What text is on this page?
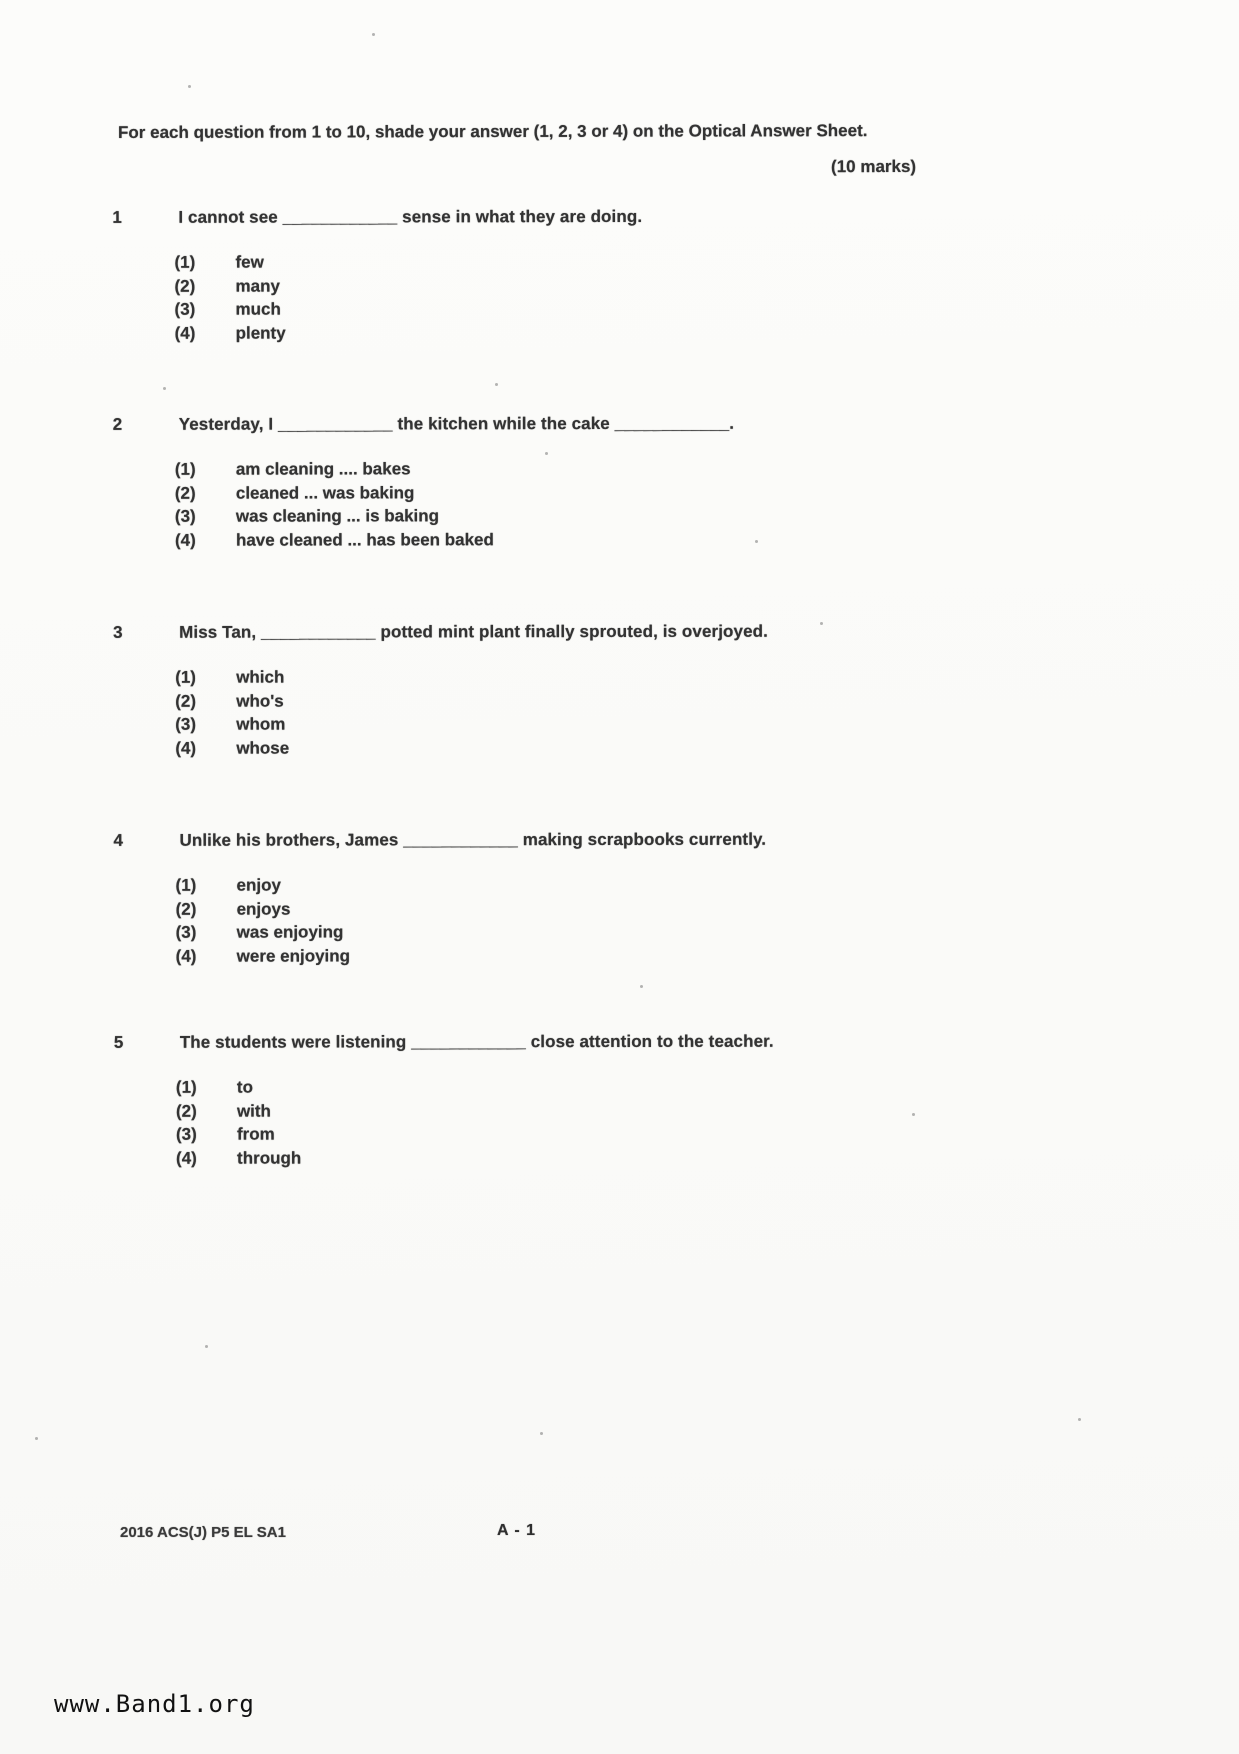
For each question from 1 to 10, shade your answer (1, 2, 3 or 4) on the Optical Answer Sheet.
(10 marks)
1	I cannot see ____________ sense in what they are doing.
(1)	few
(2)	many
(3)	much
(4)	plenty
2	Yesterday, I ____________ the kitchen while the cake ____________.
(1)	am cleaning .... bakes
(2)	cleaned ... was baking
(3)	was cleaning ... is baking
(4)	have cleaned ... has been baked
3	Miss Tan, ____________ potted mint plant finally sprouted, is overjoyed.
(1)	which
(2)	who's
(3)	whom
(4)	whose
4	Unlike his brothers, James ____________ making scrapbooks currently.
(1)	enjoy
(2)	enjoys
(3)	was enjoying
(4)	were enjoying
5	The students were listening ____________ close attention to the teacher.
(1)	to
(2)	with
(3)	from
(4)	through
2016 ACS(J) P5 EL SA1	A - 1
www.Band1.org
